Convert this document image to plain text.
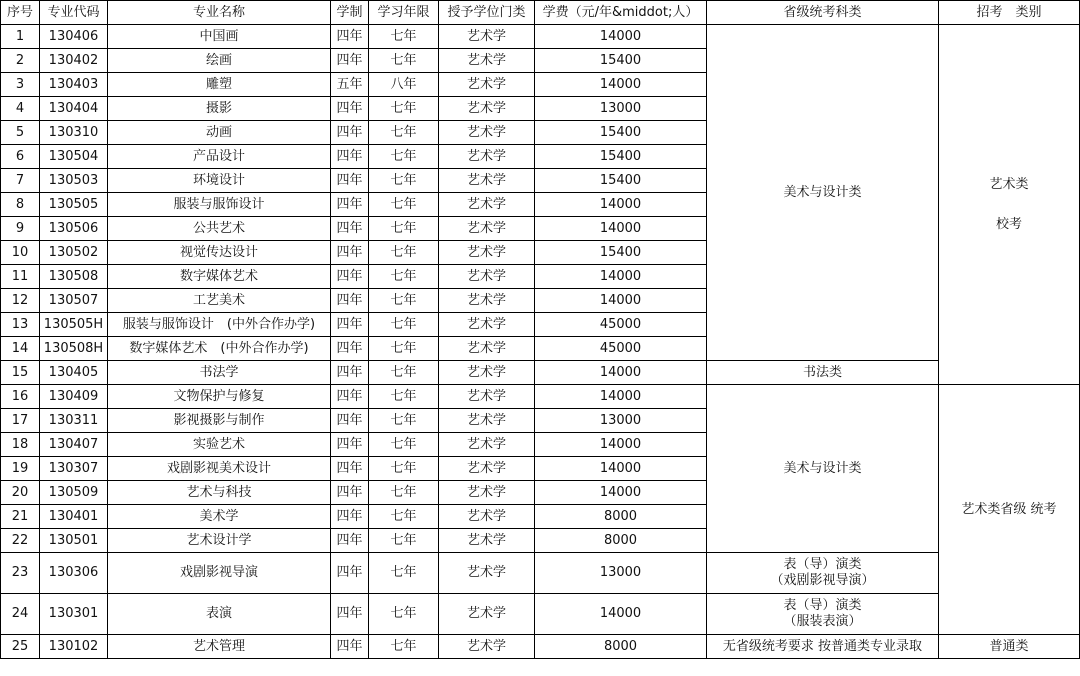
序号	专业代码	专业名称	学制	学习年限	授予学位门类	学费（元/年&middot;人）	省级统考科类	招考　类别
1	130406	中国画	四年	七年	艺术学	14000	美术与设计类	艺术类
校考

2	130402	绘画	四年	七年	艺术学	15400		
3	130403	雕塑	五年	八年	艺术学	14000		
4	130404	摄影	四年	七年	艺术学	13000		
5	130310	动画	四年	七年	艺术学	15400		
6	130504	产品设计	四年	七年	艺术学	15400		
7	130503	环境设计	四年	七年	艺术学	15400		
8	130505	服装与服饰设计	四年	七年	艺术学	14000		
9	130506	公共艺术	四年	七年	艺术学	14000		
10	130502	视觉传达设计	四年	七年	艺术学	15400		
11	130508	数字媒体艺术	四年	七年	艺术学	14000		
12	130507	工艺美术	四年	七年	艺术学	14000		
13	130505H	服装与服饰设计　(中外合作办学)	四年	七年	艺术学	45000		
14	130508H	数字媒体艺术　(中外合作办学)	四年	七年	艺术学	45000		
15	130405	书法学	四年	七年	艺术学	14000	书法类	
16	130409	文物保护与修复	四年	七年	艺术学	14000	美术与设计类	艺术类省级 统考
17	130311	影视摄影与制作	四年	七年	艺术学	13000		
18	130407	实验艺术	四年	七年	艺术学	14000		
19	130307	戏剧影视美术设计	四年	七年	艺术学	14000		
20	130509	艺术与科技	四年	七年	艺术学	14000		
21	130401	美术学	四年	七年	艺术学	8000		
22	130501	艺术设计学	四年	七年	艺术学	8000		
23	130306	戏剧影视导演	四年	七年	艺术学	13000	表（导）演类
（戏剧影视导演）	

24	130301	表演	四年	七年	艺术学	14000	表（导）演类
（服装表演）	

25	130102	艺术管理	四年	七年	艺术学	8000	无省级统考要求 按普通类专业录取	普通类
